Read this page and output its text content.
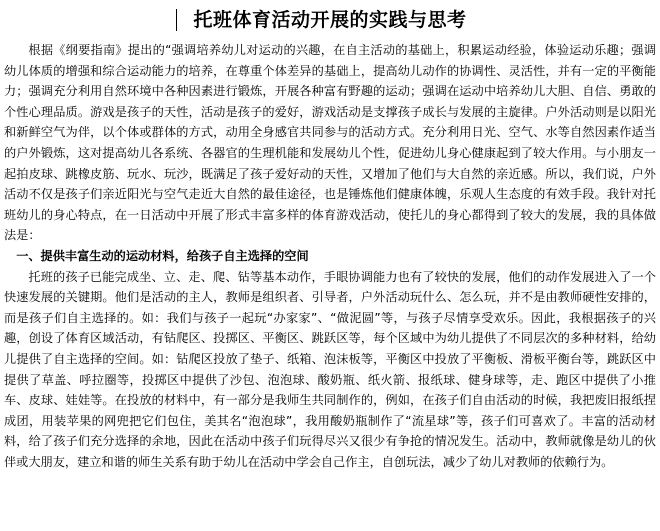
托班体育活动开展的实践与思考

根据《纲要指南》提出的“强调培养幼儿对运动的兴趣，在自主活动的基础上，积累运动经验，体验运动乐趣；强调幼儿体质的增强和综合运动能力的培养，在尊重个体差异的基础上，提高幼儿动作的协调性、灵活性，并有一定的平衡能力；强调充分利用自然环境中各种因素进行锻炼，开展各种富有野趣的运动；强调在运动中培养幼儿大胆、自信、勇敢的个性心理品质。游戏是孩子的天性，活动是孩子的爱好，游戏活动是支撑孩子成长与发展的主旋律。户外活动则是以阳光和新鲜空气为伴，以个体或群体的方式，动用全身感官共同参与的活动方式。充分利用日光、空气、水等自然因素作适当的户外锻炼，这对提高幼儿各系统、各器官的生理机能和发展幼儿个性，促进幼儿身心健康起到了较大作用。与小朋友一起拍皮球、跳橡皮筋、玩水、玩沙，既满足了孩子爱好动的天性，又增加了他们与大自然的亲近感。所以，我们说，户外活动不仅是孩子们亲近阳光与空气走近大自然的最佳途径，也是锤炼他们健康体魄，乐观人生态度的有效手段。我针对托班幼儿的身心特点，在一日活动中开展了形式丰富多样的体育游戏活动，使托儿的身心都得到了较大的发展，我的具体做法是：

一、提供丰富生动的运动材料，给孩子自主选择的空间

托班的孩子已能完成坐、立、走、爬、钻等基本动作，手眼协调能力也有了较快的发展，他们的动作发展进入了一个快速发展的关键期。他们是活动的主人，教师是组织者、引导者，户外活动玩什么、怎么玩，并不是由教师硬性安排的，而是孩子们自主选择的。如：我们与孩子一起玩“办家家”、“做泥圆”等，与孩子尽情享受欢乐。因此，我根据孩子的兴趣，创设了体育区域活动，有钻爬区、投掷区、平衡区、跳跃区等，每个区域中为幼儿提供了不同层次的多种材料，给幼儿提供了自主选择的空间。如：钻爬区投放了垫子、纸箱、泡沫板等，平衡区中投放了平衡板、滑板平衡台等，跳跃区中提供了草盖、呼拉圈等，投掷区中提供了沙包、泡泡球、酸奶瓶、纸火箭、报纸球、健身球等，走、跑区中提供了小推车、皮球、娃娃等。在投放的材料中，有一部分是我师生共同制作的，例如，在孩子们自由活动的时候，我把废旧报纸捏成团，用装苹果的网兜把它们包住，美其名“泡泡球”，我用酸奶瓶制作了“流星球”等，孩子们可喜欢了。丰富的活动材料，给了孩子们充分选择的余地，因此在活动中孩子们玩得尽兴又很少有争抢的情况发生。活动中，教师就像是幼儿的伙伴或大朋友，建立和谐的师生关系有助于幼儿在活动中学会自己作主，自创玩法，减少了幼儿对教师的依赖行为。
